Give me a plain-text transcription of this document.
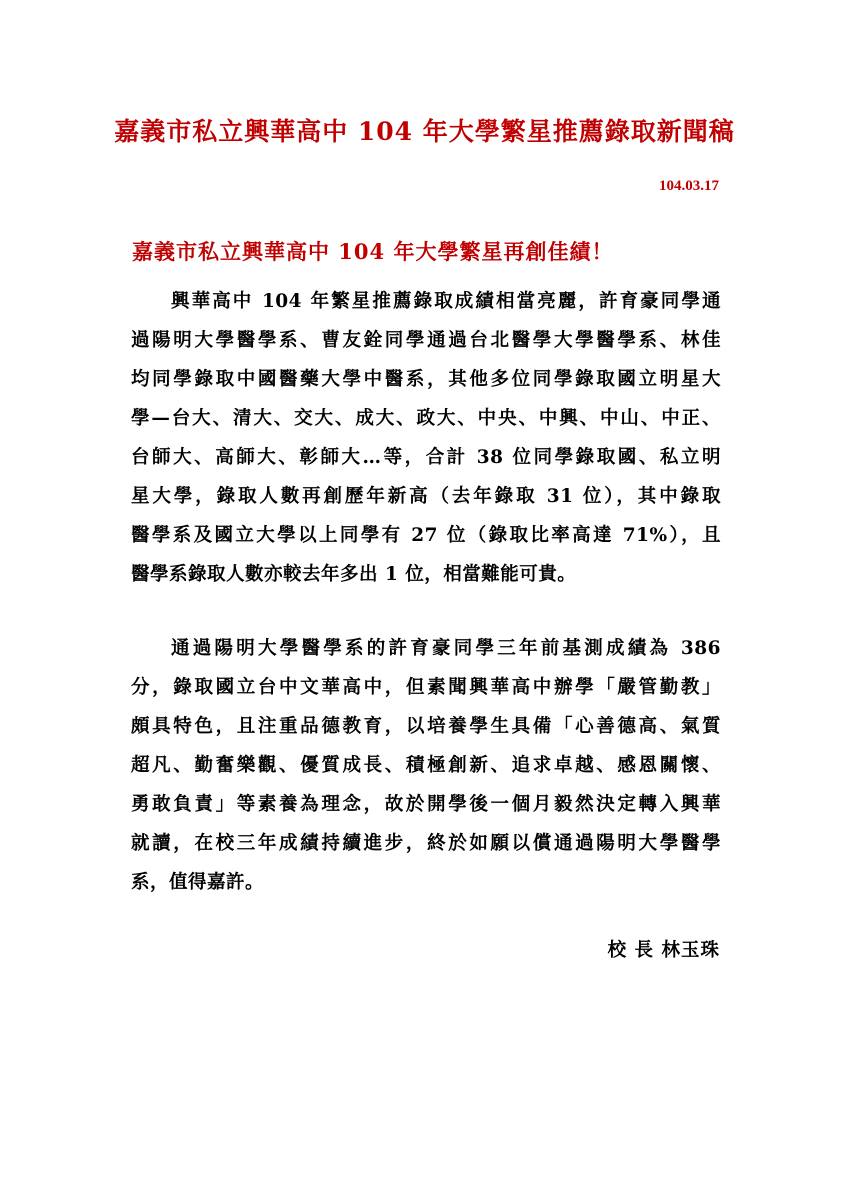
嘉義市私立興華高中 104 年大學繁星推薦錄取新聞稿
104.03.17
嘉義市私立興華高中 104 年大學繁星再創佳績！
興華高中 104 年繁星推薦錄取成績相當亮麗，許育豪同學通
過陽明大學醫學系、曹友銓同學通過台北醫學大學醫學系、林佳
均同學錄取中國醫藥大學中醫系，其他多位同學錄取國立明星大
學—台大、清大、交大、成大、政大、中央、中興、中山、中正、
台師大、高師大、彰師大…等，合計 38 位同學錄取國、私立明
星大學，錄取人數再創歷年新高（去年錄取 31 位），其中錄取
醫學系及國立大學以上同學有 27 位（錄取比率高達 71%），且
醫學系錄取人數亦較去年多出 1 位，相當難能可貴。
通過陽明大學醫學系的許育豪同學三年前基測成績為 386
分，錄取國立台中文華高中，但素聞興華高中辦學「嚴管勤教」
頗具特色，且注重品德教育，以培養學生具備「心善德高、氣質
超凡、勤奮樂觀、優質成長、積極創新、追求卓越、感恩關懷、
勇敢負責」等素養為理念，故於開學後一個月毅然決定轉入興華
就讀，在校三年成績持續進步，終於如願以償通過陽明大學醫學
系，值得嘉許。
校 長 林玉珠
